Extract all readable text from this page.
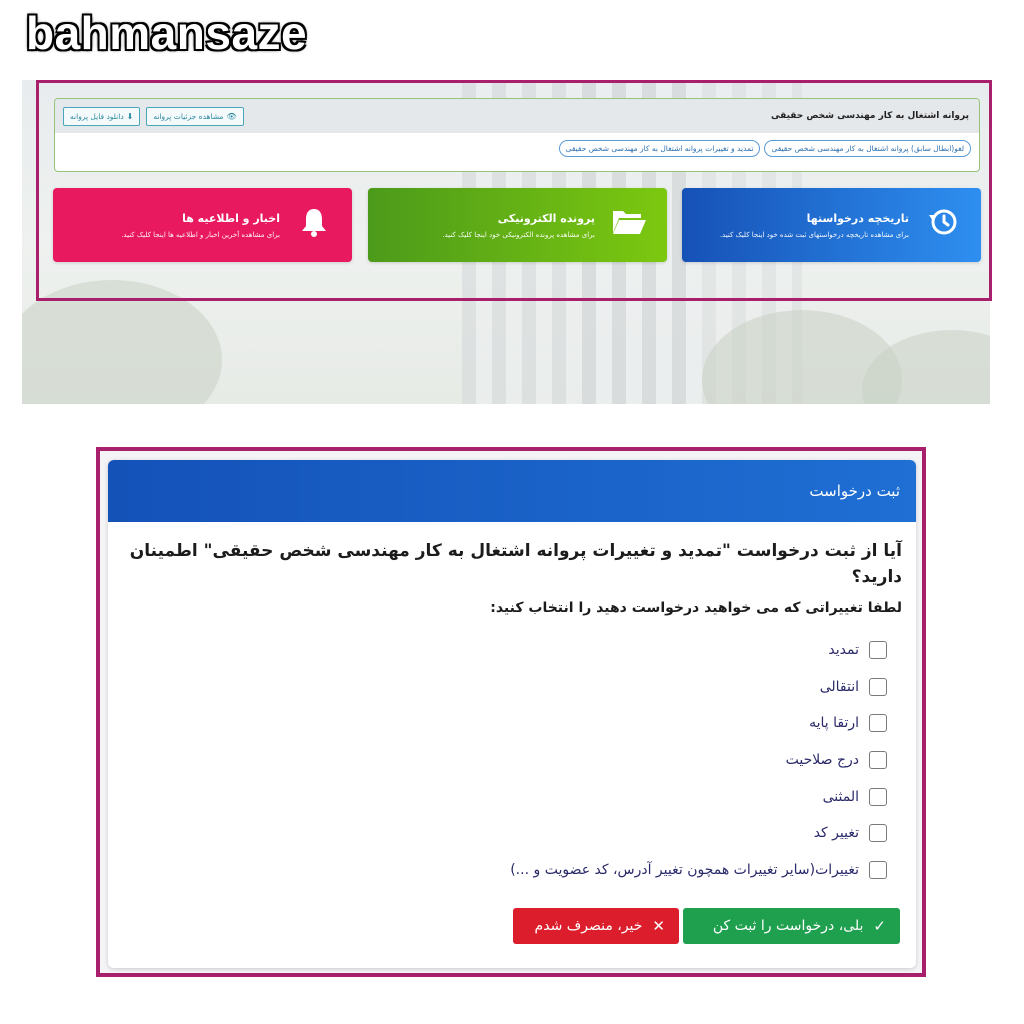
bahmansaze
پروانه اشتغال به کار مهندسی شخص حقیقی
⬇
دانلود فایل پروانه	👁
مشاهده جزئیات پروانه
لغو(ابطال سابق) پروانه اشتغال به کار مهندسی شخص حقیقی
تمدید و تغییرات پروانه اشتغال به کار مهندسی شخص حقیقی
تاریخچه درخواستها
برای مشاهده تاریخچه درخواستهای ثبت شده خود اینجا کلیک کنید.
پرونده الکترونیکی
برای مشاهده پرونده الکترونیکی خود اینجا کلیک کنید.
اخبار و اطلاعیه ها
برای مشاهده آخرین اخبار و اطلاعیه ها اینجا کلیک کنید.
ثبت درخواست
آیا از ثبت درخواست "تمدید و تغییرات پروانه اشتغال به کار مهندسی شخص حقیقی" اطمینان دارید؟
لطفا تغییراتی که می خواهید درخواست دهید را انتخاب کنید:
تمدید
انتقالی
ارتقا پایه
درج صلاحیت
المثنی
تغییر کد
تغییرات(سایر تغییرات همچون تغییر آدرس، کد عضویت و ...)
✓
بلی، درخواست را ثبت کن
✕
خیر، منصرف شدم
